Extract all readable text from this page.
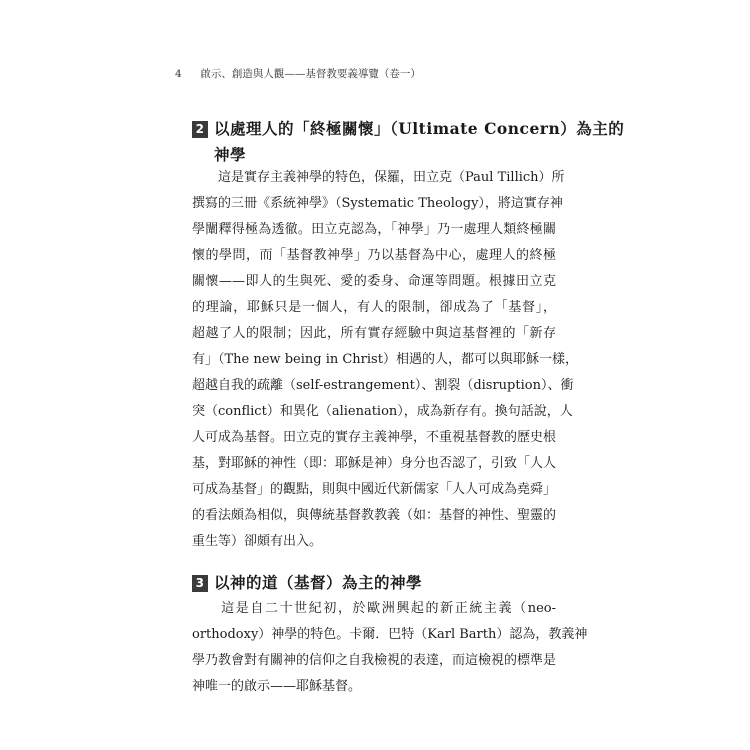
4 啟示、創造與人觀——基督教要義導覽（卷一）
2 以處理人的「終極關懷」（Ultimate Concern）為主的
神學
　　這是實存主義神學的特色，保羅，田立克（Paul Tillich）所
撰寫的三冊《系統神學》（Systematic Theology），將這實存神
學闡釋得極為透徹。田立克認為，「神學」乃一處理人類終極關
懷的學問，而「基督教神學」乃以基督為中心，處理人的終極
關懷——即人的生與死、愛的委身、命運等問題。根據田立克
的理論，耶穌只是一個人，有人的限制，卻成為了「基督」，
超越了人的限制；因此，所有實存經驗中與這基督裡的「新存
有」（The new being in Christ）相遇的人，都可以與耶穌一樣，
超越自我的疏離（self-estrangement）、割裂（disruption）、衝
突（conflict）和異化（alienation），成為新存有。換句話說，人
人可成為基督。田立克的實存主義神學，不重視基督教的歷史根
基，對耶穌的神性（即：耶穌是神）身分也否認了，引致「人人
可成為基督」的觀點，則與中國近代新儒家「人人可成為堯舜」
的看法頗為相似，與傳統基督教教義（如：基督的神性、聖靈的
重生等）卻頗有出入。
3 以神的道（基督）為主的神學
　　這是自二十世紀初，於歐洲興起的新正統主義（neo-
orthodoxy）神學的特色。卡爾．巴特（Karl Barth）認為，教義神
學乃教會對有關神的信仰之自我檢視的表達，而這檢視的標準是
神唯一的啟示——耶穌基督。
